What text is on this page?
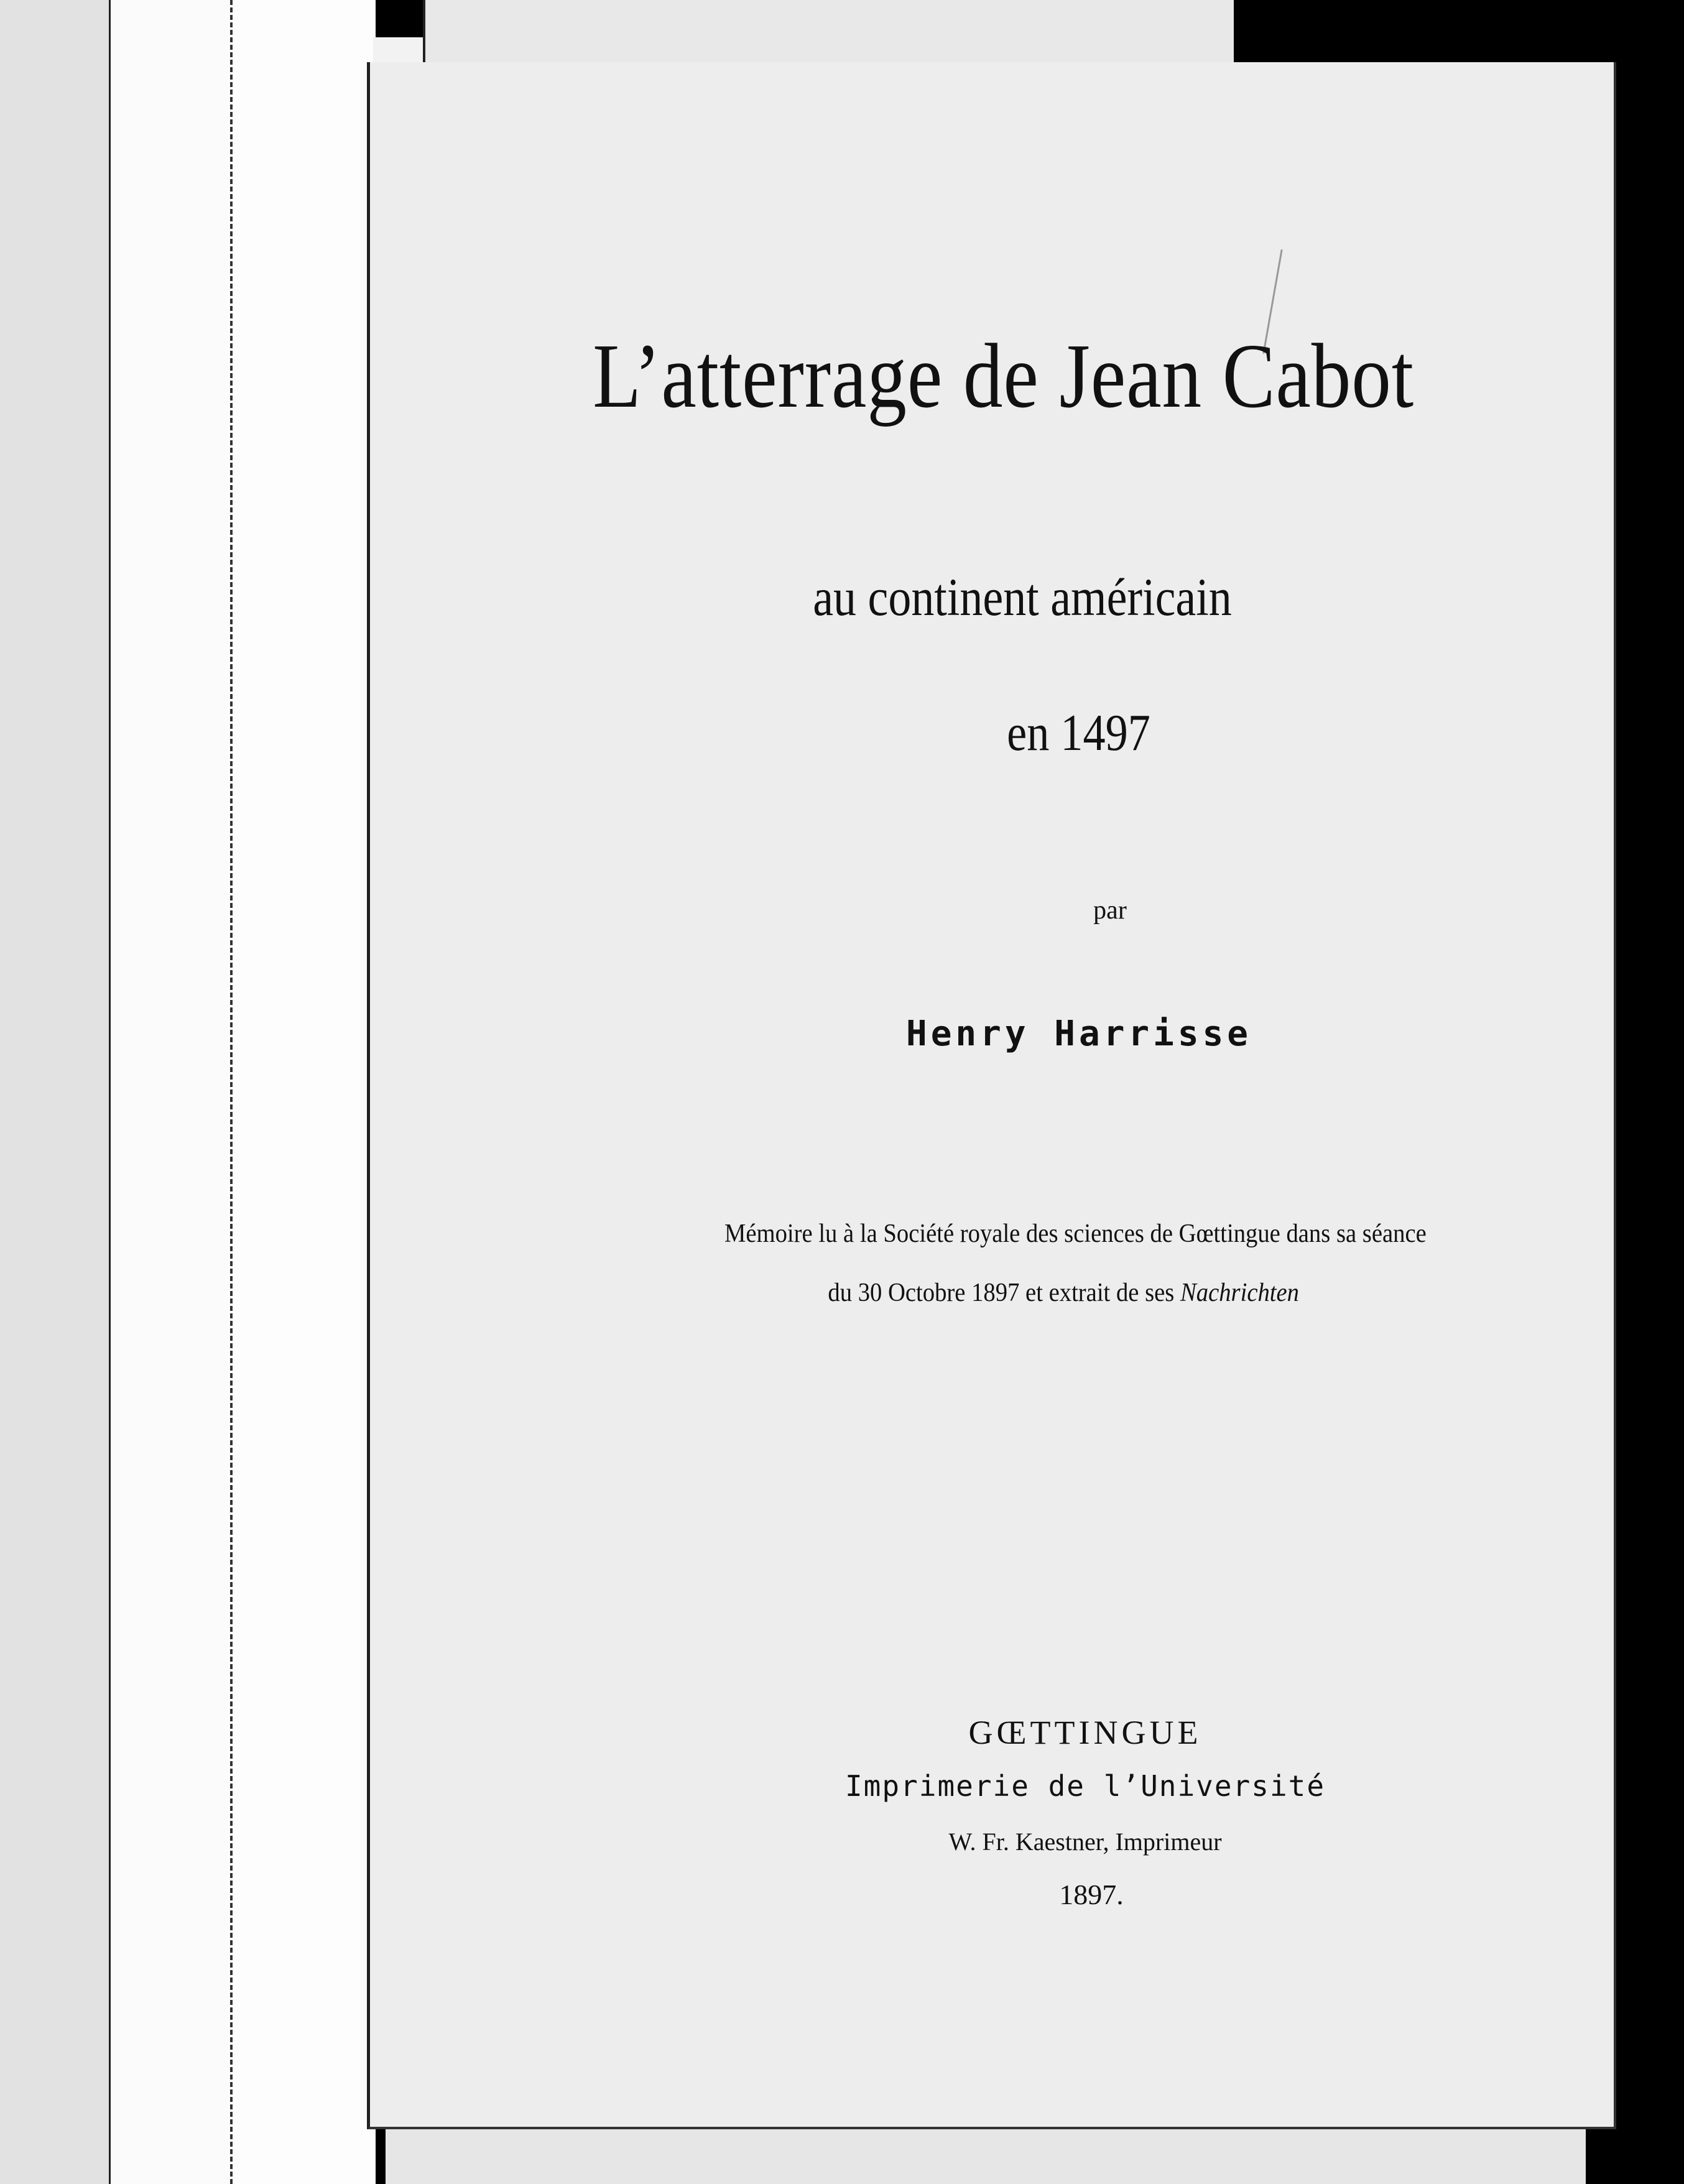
L’atterrage de Jean Cabot
au continent américain
en 1497
par
Henry Harrisse
Mémoire lu à la Société royale des sciences de Gœttingue dans sa séance
du 30 Octobre 1897 et extrait de ses Nachrichten
GŒTTINGUE
Imprimerie de l’Université
W. Fr. Kaestner, Imprimeur
1897.
